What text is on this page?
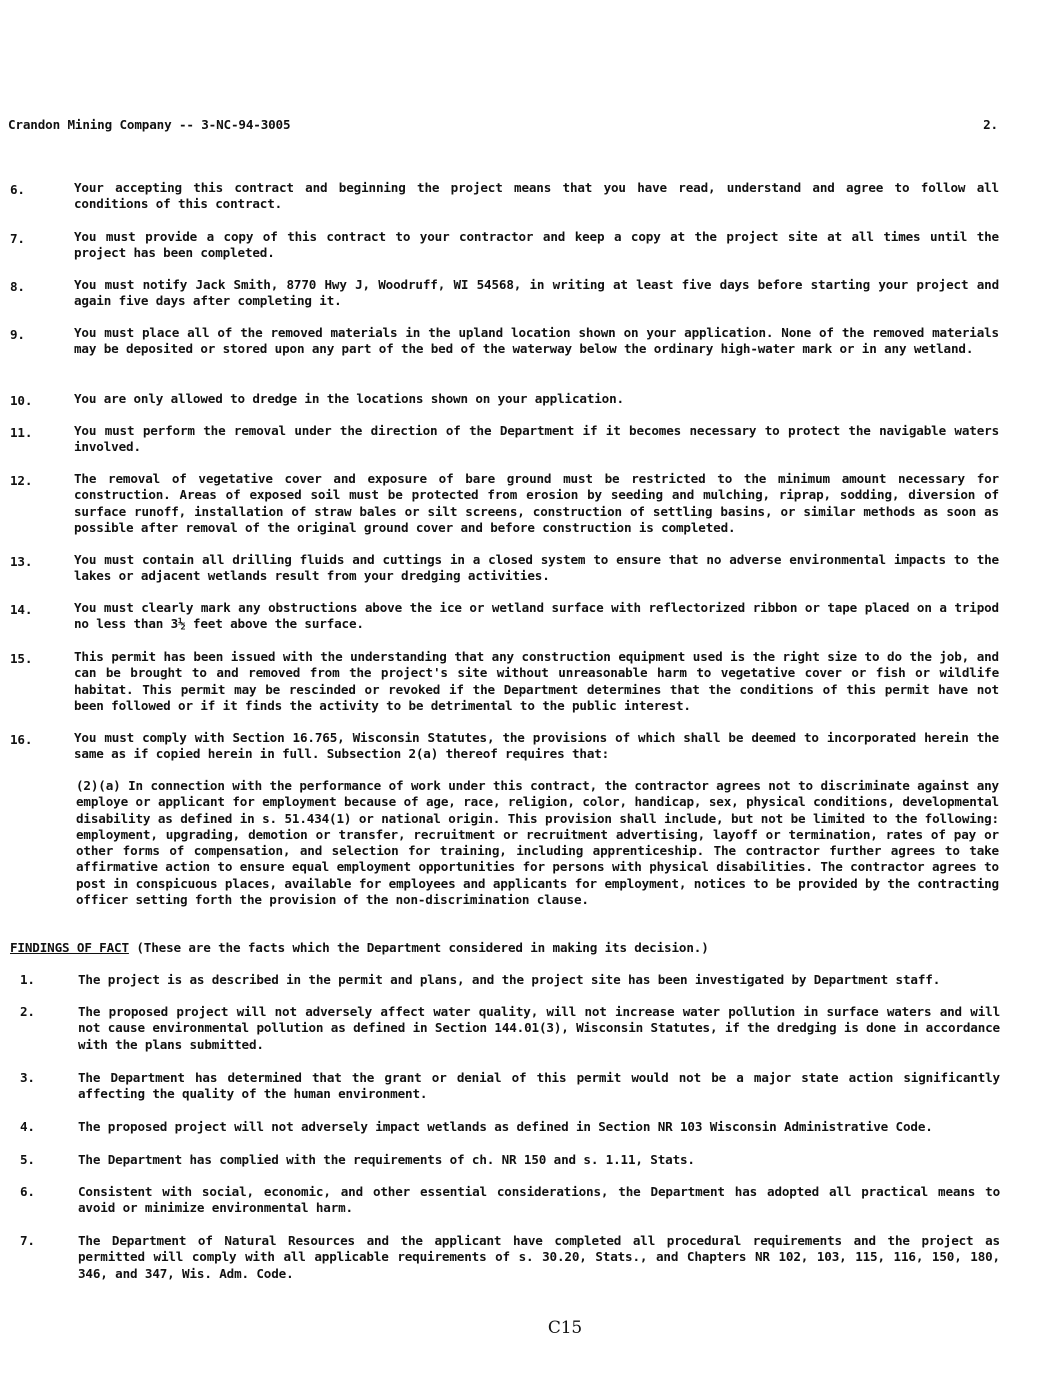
Crandon Mining Company -- 3-NC-94-3005	2.
6.	Your accepting this contract and beginning the project means that you have read, understand and agree to follow all conditions of this contract.
7.	You must provide a copy of this contract to your contractor and keep a copy at the project site at all times until the project has been completed.
8.	You must notify Jack Smith, 8770 Hwy J, Woodruff, WI 54568, in writing at least five days before starting your project and again five days after completing it.
9.	You must place all of the removed materials in the upland location shown on your application. None of the removed materials may be deposited or stored upon any part of the bed of the waterway below the ordinary high-water mark or in any wetland.
10.	You are only allowed to dredge in the locations shown on your application.
11.	You must perform the removal under the direction of the Department if it becomes necessary to protect the navigable waters involved.
12.	The removal of vegetative cover and exposure of bare ground must be restricted to the minimum amount necessary for construction. Areas of exposed soil must be protected from erosion by seeding and mulching, riprap, sodding, diversion of surface runoff, installation of straw bales or silt screens, construction of settling basins, or similar methods as soon as possible after removal of the original ground cover and before construction is completed.
13.	You must contain all drilling fluids and cuttings in a closed system to ensure that no adverse environmental impacts to the lakes or adjacent wetlands result from your dredging activities.
14.	You must clearly mark any obstructions above the ice or wetland surface with reflectorized ribbon or tape placed on a tripod no less than 3½ feet above the surface.
15.	This permit has been issued with the understanding that any construction equipment used is the right size to do the job, and can be brought to and removed from the project's site without unreasonable harm to vegetative cover or fish or wildlife habitat. This permit may be rescinded or revoked if the Department determines that the conditions of this permit have not been followed or if it finds the activity to be detrimental to the public interest.
16.	You must comply with Section 16.765, Wisconsin Statutes, the provisions of which shall be deemed to incorporated herein the same as if copied herein in full. Subsection 2(a) thereof requires that:
(2)(a) In connection with the performance of work under this contract, the contractor agrees not to discriminate against any employe or applicant for employment because of age, race, religion, color, handicap, sex, physical conditions, developmental disability as defined in s. 51.434(1) or national origin. This provision shall include, but not be limited to the following: employment, upgrading, demotion or transfer, recruitment or recruitment advertising, layoff or termination, rates of pay or other forms of compensation, and selection for training, including apprenticeship. The contractor further agrees to take affirmative action to ensure equal employment opportunities for persons with physical disabilities. The contractor agrees to post in conspicuous places, available for employees and applicants for employment, notices to be provided by the contracting officer setting forth the provision of the non-discrimination clause.
FINDINGS OF FACT (These are the facts which the Department considered in making its decision.)
1.	The project is as described in the permit and plans, and the project site has been investigated by Department staff.
2.	The proposed project will not adversely affect water quality, will not increase water pollution in surface waters and will not cause environmental pollution as defined in Section 144.01(3), Wisconsin Statutes, if the dredging is done in accordance with the plans submitted.
3.	The Department has determined that the grant or denial of this permit would not be a major state action significantly affecting the quality of the human environment.
4.	The proposed project will not adversely impact wetlands as defined in Section NR 103 Wisconsin Administrative Code.
5.	The Department has complied with the requirements of ch. NR 150 and s. 1.11, Stats.
6.	Consistent with social, economic, and other essential considerations, the Department has adopted all practical means to avoid or minimize environmental harm.
7.	The Department of Natural Resources and the applicant have completed all procedural requirements and the project as permitted will comply with all applicable requirements of s. 30.20, Stats., and Chapters NR 102, 103, 115, 116, 150, 180, 346, and 347, Wis. Adm. Code.
C15
